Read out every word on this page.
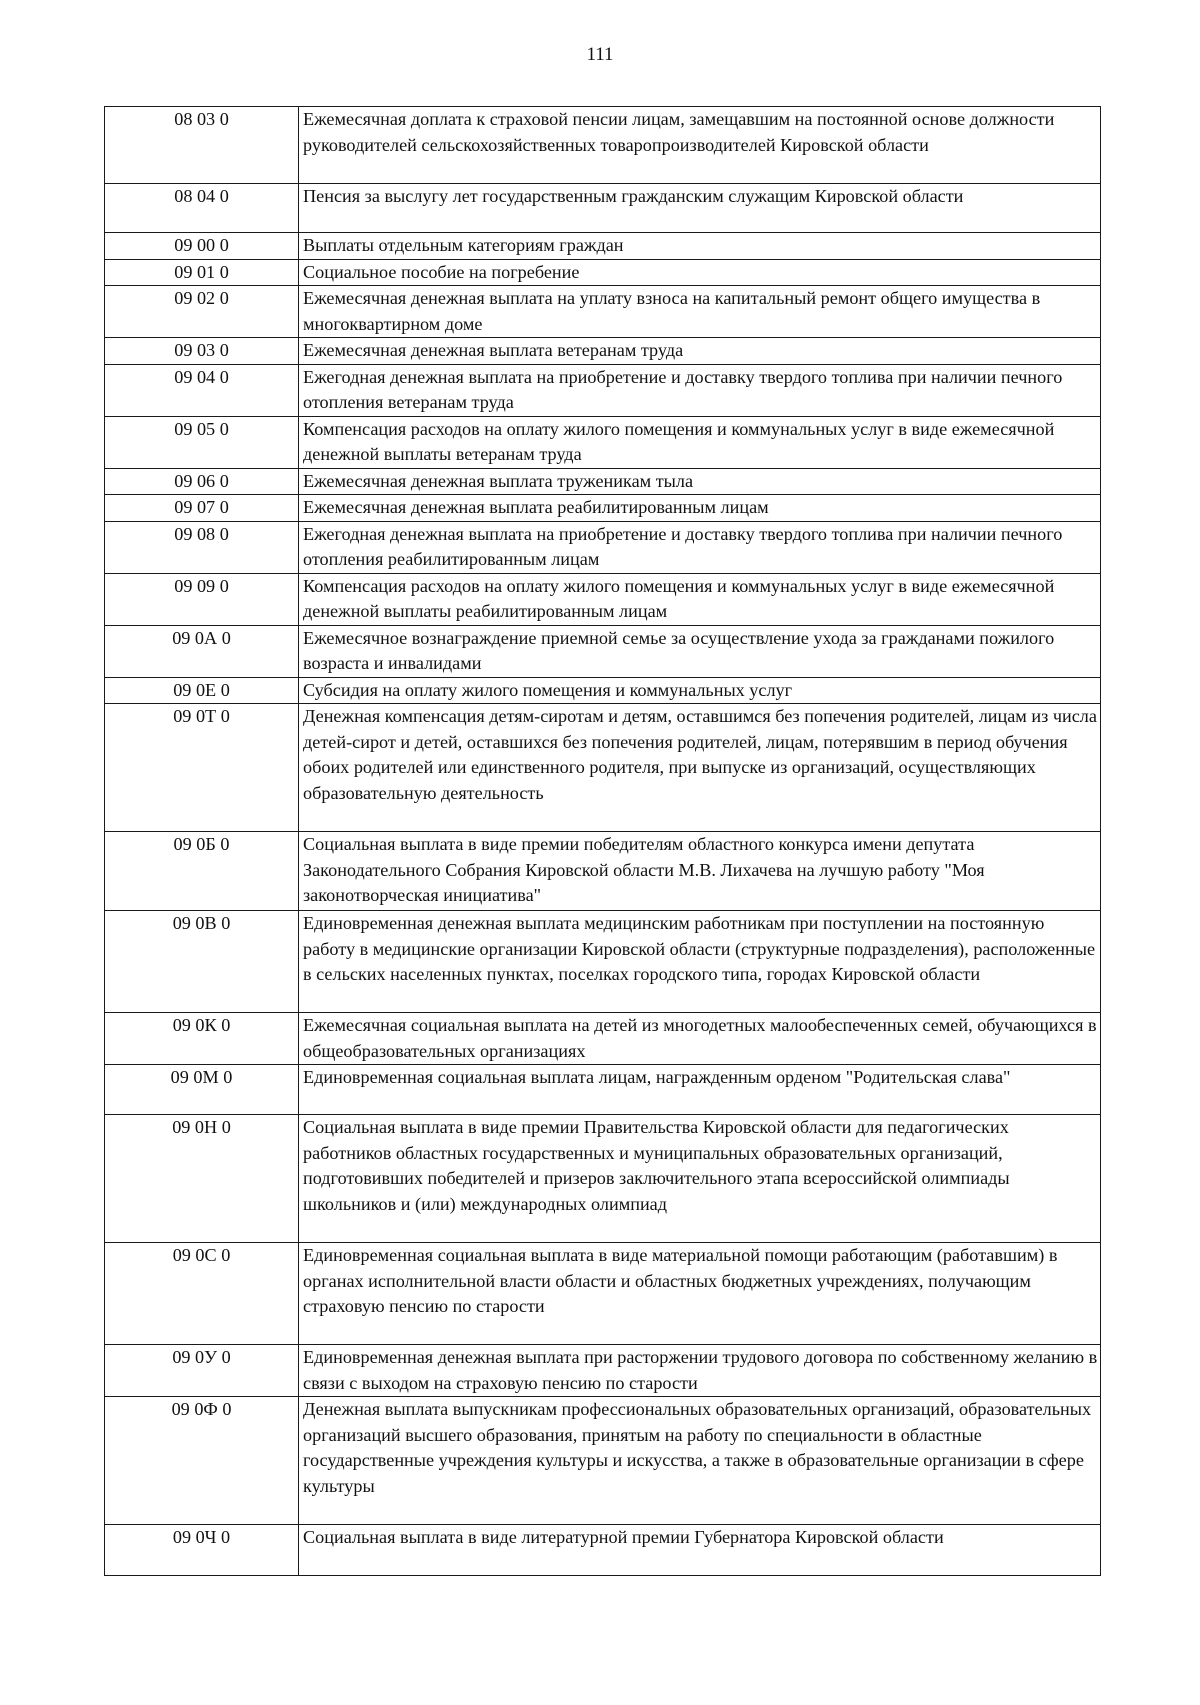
111
08 03 0	Ежемесячная доплата к страховой пенсии лицам, замещавшим на постоянной основе должности руководителей сельскохозяйственных товаропроизводителей Кировской области
08 04 0	Пенсия за выслугу лет государственным гражданским служащим Кировской области
09 00 0	Выплаты отдельным категориям граждан
09 01 0	Социальное пособие на погребение
09 02 0	Ежемесячная денежная выплата на уплату взноса на капитальный ремонт общего имущества в многоквартирном доме
09 03 0	Ежемесячная денежная выплата ветеранам труда
09 04 0	Ежегодная денежная выплата на приобретение и доставку твердого топлива при наличии печного отопления ветеранам труда
09 05 0	Компенсация расходов на оплату жилого помещения и коммунальных услуг в виде ежемесячной денежной выплаты ветеранам труда
09 06 0	Ежемесячная денежная выплата труженикам тыла
09 07 0	Ежемесячная денежная выплата реабилитированным лицам
09 08 0	Ежегодная денежная выплата на приобретение и доставку твердого топлива при наличии печного отопления реабилитированным лицам
09 09 0	Компенсация расходов на оплату жилого помещения и коммунальных услуг в виде ежемесячной денежной выплаты реабилитированным лицам
09 0А 0	Ежемесячное вознаграждение приемной семье за осуществление ухода за гражданами пожилого возраста и инвалидами
09 0Е 0	Субсидия на оплату жилого помещения и коммунальных услуг
09 0Т 0	Денежная компенсация детям-сиротам и детям, оставшимся без попечения родителей, лицам из числа детей-сирот и детей, оставшихся без попечения родителей, лицам, потерявшим в период обучения обоих родителей или единственного родителя, при выпуске из организаций, осуществляющих образовательную деятельность
09 0Б 0	Социальная выплата в виде премии победителям областного конкурса имени депутата Законодательного Собрания Кировской области М.В. Лихачева на лучшую работу "Моя законотворческая инициатива"
09 0В 0	Единовременная денежная выплата медицинским работникам при поступлении на постоянную работу в медицинские организации Кировской области (структурные подразделения), расположенные в сельских населенных пунктах, поселках городского типа, городах Кировской области
09 0К 0	Ежемесячная социальная выплата на детей из многодетных малообеспеченных семей, обучающихся в общеобразовательных организациях
09 0М 0	Единовременная социальная выплата лицам, награжденным орденом "Родительская слава"
09 0Н 0	Социальная выплата в виде премии Правительства Кировской области для педагогических работников областных государственных и муниципальных образовательных организаций, подготовивших победителей и призеров заключительного этапа всероссийской олимпиады школьников и (или) международных олимпиад
09 0С 0	Единовременная социальная выплата в виде материальной помощи работающим (работавшим) в органах исполнительной власти области и областных бюджетных учреждениях, получающим страховую пенсию по старости
09 0У 0	Единовременная денежная выплата при расторжении трудового договора по собственному желанию в связи с выходом на страховую пенсию по старости
09 0Ф 0	Денежная выплата выпускникам профессиональных образовательных организаций, образовательных организаций высшего образования, принятым на работу по специальности в областные государственные учреждения культуры и искусства, а также в образовательные организации в сфере культуры
09 0Ч 0	Социальная выплата в виде литературной премии Губернатора Кировской области
